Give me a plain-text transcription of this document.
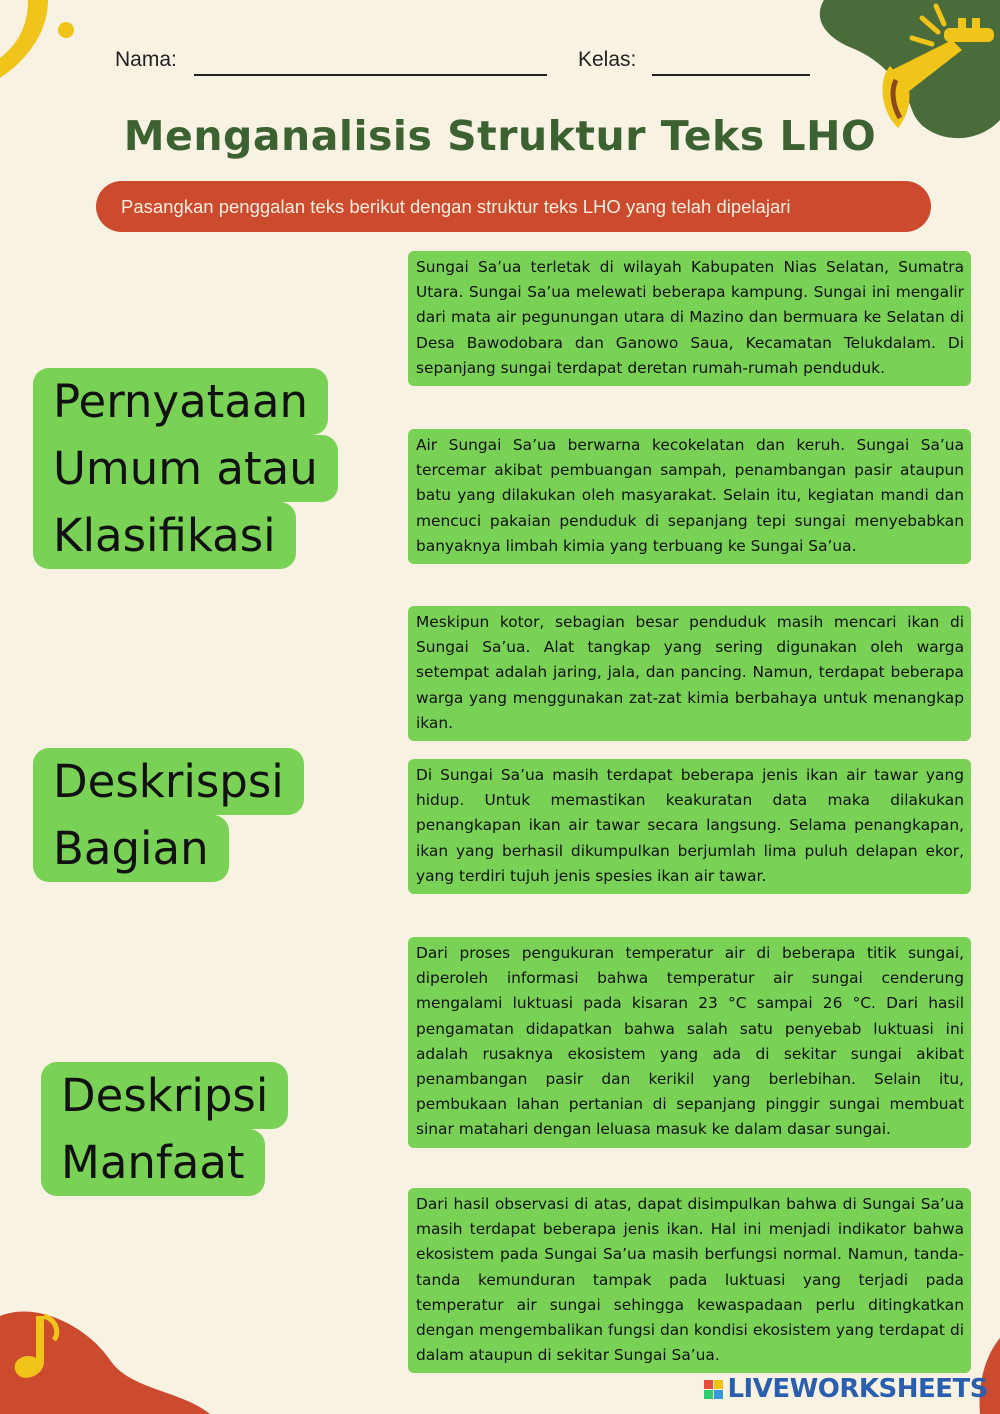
Nama:	Kelas:
Menganalisis Struktur Teks LHO
Pasangkan penggalan teks berikut dengan struktur teks LHO yang telah dipelajari
Pernyataan
Umum atau
Klasifikasi
Deskrispsi
Bagian
Deskripsi
Manfaat
Sungai Sa’ua terletak di wilayah Kabupaten Nias Selatan, Sumatra Utara. Sungai Sa’ua melewati beberapa kampung. Sungai ini mengalir dari mata air pegunungan utara di Mazino dan bermuara ke Selatan di Desa Bawodobara dan Ganowo Saua, Kecamatan Telukdalam. Di sepanjang sungai terdapat deretan rumah-rumah penduduk.
Air Sungai Sa’ua berwarna kecokelatan dan keruh. Sungai Sa’ua tercemar akibat pembuangan sampah, penambangan pasir ataupun batu yang dilakukan oleh masyarakat. Selain itu, kegiatan mandi dan mencuci pakaian penduduk di sepanjang tepi sungai menyebabkan banyaknya limbah kimia yang terbuang ke Sungai Sa’ua.
Meskipun kotor, sebagian besar penduduk masih mencari ikan di Sungai Sa’ua. Alat tangkap yang sering digunakan oleh warga setempat adalah jaring, jala, dan pancing. Namun, terdapat beberapa warga yang menggunakan zat-zat kimia berbahaya untuk menangkap ikan.
Di Sungai Sa’ua masih terdapat beberapa jenis ikan air tawar yang hidup. Untuk memastikan keakuratan data maka dilakukan penangkapan ikan air tawar secara langsung. Selama penangkapan, ikan yang berhasil dikumpulkan berjumlah lima puluh delapan ekor, yang terdiri tujuh jenis spesies ikan air tawar.
Dari proses pengukuran temperatur air di beberapa titik sungai, diperoleh informasi bahwa temperatur air sungai cenderung mengalami luktuasi pada kisaran 23 °C sampai 26 °C. Dari hasil pengamatan didapatkan bahwa salah satu penyebab luktuasi ini adalah rusaknya ekosistem yang ada di sekitar sungai akibat penambangan pasir dan kerikil yang berlebihan. Selain itu, pembukaan lahan pertanian di sepanjang pinggir sungai membuat sinar matahari dengan leluasa masuk ke dalam dasar sungai.
Dari hasil observasi di atas, dapat disimpulkan bahwa di Sungai Sa’ua masih terdapat beberapa jenis ikan. Hal ini menjadi indikator bahwa ekosistem pada Sungai Sa’ua masih berfungsi normal. Namun, tanda-tanda kemunduran tampak pada luktuasi yang terjadi pada temperatur air sungai sehingga kewaspadaan perlu ditingkatkan dengan mengembalikan fungsi dan kondisi ekosistem yang terdapat di dalam ataupun di sekitar Sungai Sa’ua.
LIVEWORKSHEETS
